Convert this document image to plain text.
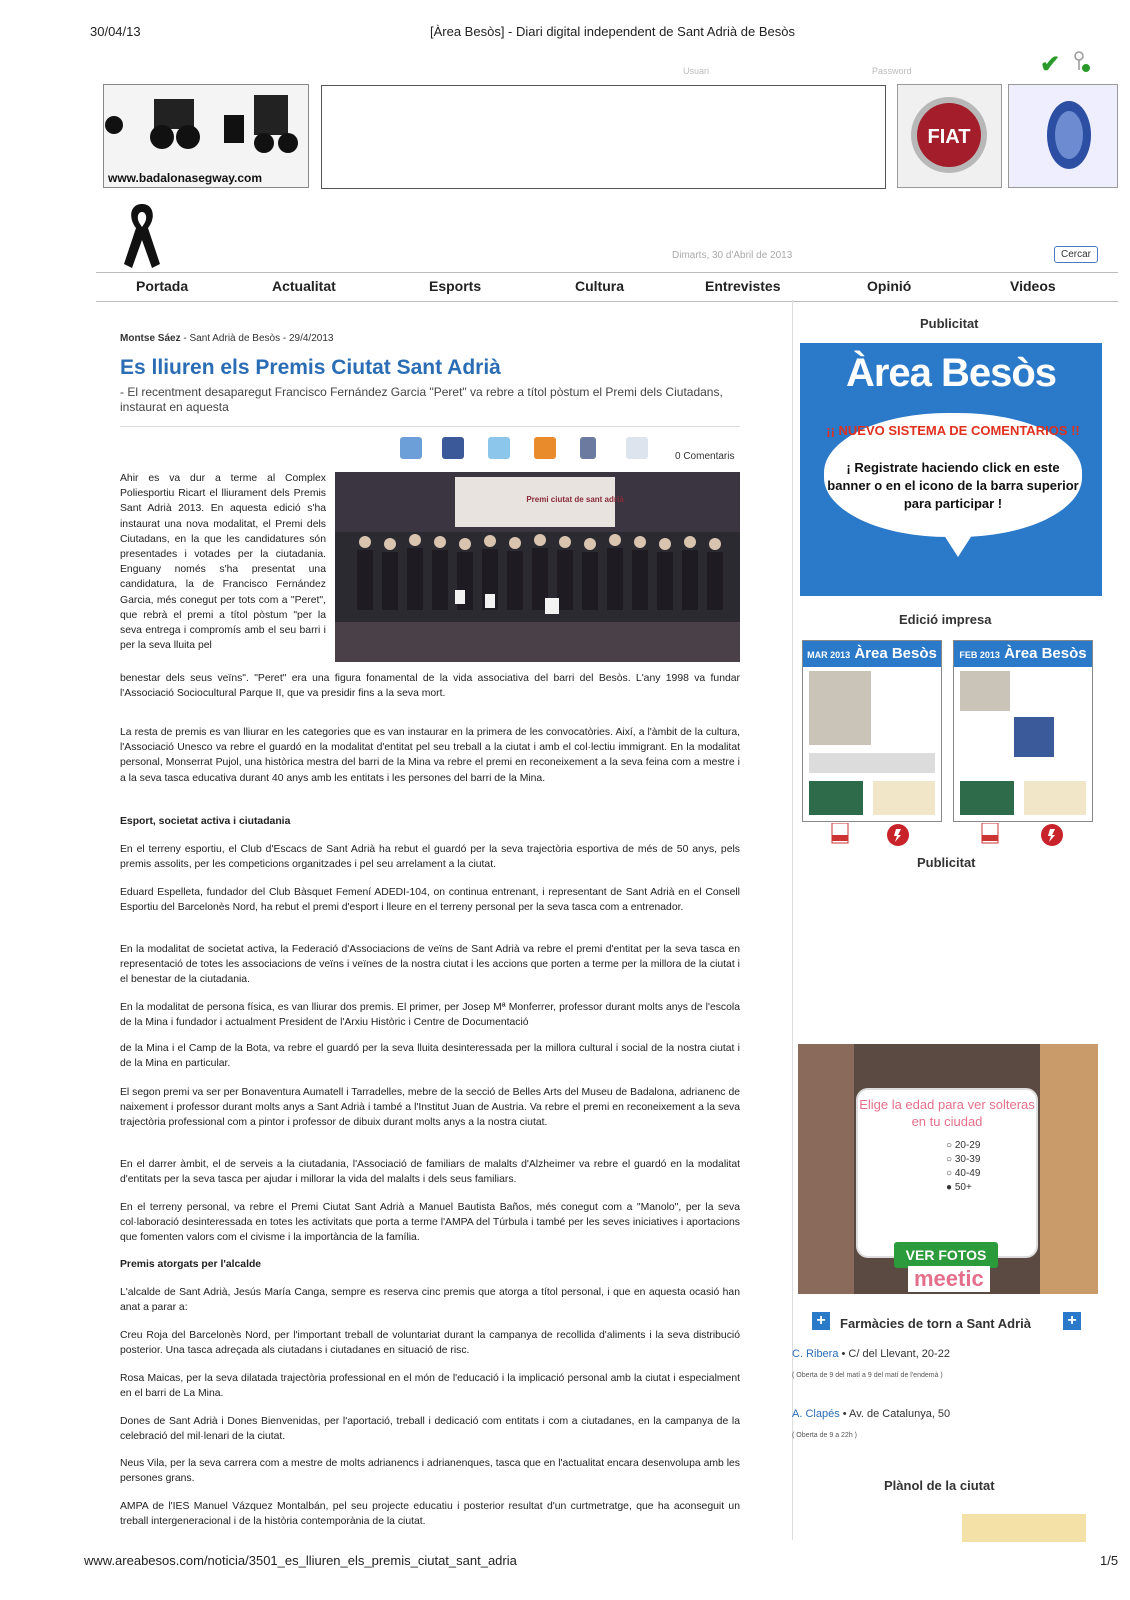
30/04/13	[Àrea Besòs] - Diari digital independent de Sant Adrià de Besòs
www.areabesos.com/noticia/3501_es_lliuren_els_premis_ciutat_sant_adria	1/5
Usuari	Password	✔
www.badalonasegway.com
FIAT
Dimarts, 30 d'Abril de 2013	Cercar
Portada	Actualitat	Esports	Cultura	Entrevistes	Opinió	Videos
Montse Sáez - Sant Adrià de Besòs - 29/4/2013
Es lliuren els Premis Ciutat Sant Adrià
- El recentment desaparegut Francisco Fernández Garcia "Peret" va rebre a títol pòstum el Premi dels Ciutadans, instaurat en aquesta
0 Comentaris
Premi ciutat de sant adrià
Ahir es va dur a terme al Complex Poliesportiu Ricart el lliurament dels Premis Sant Adrià 2013. En aquesta edició s'ha instaurat una nova modalitat, el Premi dels Ciutadans, en la que les candidatures són presentades i votades per la ciutadania. Enguany només s'ha presentat una candidatura, la de Francisco Fernández Garcia, més conegut per tots com a "Peret", que rebrà el premi a títol pòstum "per la seva entrega i compromís amb el seu barri i per la seva lluita pel
benestar dels seus veïns". "Peret" era una figura fonamental de la vida associativa del barri del Besòs. L'any 1998 va fundar l'Associació Sociocultural Parque II, que va presidir fins a la seva mort.
La resta de premis es van lliurar en les categories que es van instaurar en la primera de les convocatòries. Així, a l'àmbit de la cultura, l'Associació Unesco va rebre el guardó en la modalitat d'entitat pel seu treball a la ciutat i amb el col·lectiu immigrant. En la modalitat personal, Monserrat Pujol, una històrica mestra del barri de la Mina va rebre el premi en reconeixement a la seva feina com a mestre i a la seva tasca educativa durant 40 anys amb les entitats i les persones del barri de la Mina.
Esport, societat activa i ciutadania
En el terreny esportiu, el Club d'Escacs de Sant Adrià ha rebut el guardó per la seva trajectòria esportiva de més de 50 anys, pels premis assolits, per les competicions organitzades i pel seu arrelament a la ciutat.
Eduard Espelleta, fundador del Club Bàsquet Femení ADEDI-104, on continua entrenant, i representant de Sant Adrià en el Consell Esportiu del Barcelonès Nord, ha rebut el premi d'esport i lleure en el terreny personal per la seva tasca com a entrenador.
En la modalitat de societat activa, la Federació d'Associacions de veïns de Sant Adrià va rebre el premi d'entitat per la seva tasca en representació de totes les associacions de veïns i veïnes de la nostra ciutat i les accions que porten a terme per la millora de la ciutat i el benestar de la ciutadania.
En la modalitat de persona física, es van lliurar dos premis. El primer, per Josep Mª Monferrer, professor durant molts anys de l'escola de la Mina i fundador i actualment President de l'Arxiu Històric i Centre de Documentació
de la Mina i el Camp de la Bota, va rebre el guardó per la seva lluita desinteressada per la millora cultural i social de la nostra ciutat i de la Mina en particular.
El segon premi va ser per Bonaventura Aumatell i Tarradelles, mebre de la secció de Belles Arts del Museu de Badalona, adrianenc de naixement i professor durant molts anys a Sant Adrià i també a l'Institut Juan de Austria. Va rebre el premi en reconeixement a la seva trajectòria professional com a pintor i professor de dibuix durant molts anys a la nostra ciutat.
En el darrer àmbit, el de serveis a la ciutadania, l'Associació de familiars de malalts d'Alzheimer va rebre el guardó en la modalitat d'entitats per la seva tasca per ajudar i millorar la vida del malalts i dels seus familiars.
En el terreny personal, va rebre el Premi Ciutat Sant Adrià a Manuel Bautista Baños, més conegut com a "Manolo", per la seva col·laboració desinteressada en totes les activitats que porta a terme l'AMPA del Túrbula i també per les seves iniciatives i aportacions que fomenten valors com el civisme i la importància de la família.
Premis atorgats per l'alcalde
L'alcalde de Sant Adrià, Jesús María Canga, sempre es reserva cinc premis que atorga a títol personal, i que en aquesta ocasió han anat a parar a:
Creu Roja del Barcelonès Nord, per l'important treball de voluntariat durant la campanya de recollida d'aliments i la seva distribució posterior. Una tasca adreçada als ciutadans i ciutadanes en situació de risc.
Rosa Maicas, per la seva dilatada trajectòria professional en el món de l'educació i la implicació personal amb la ciutat i especialment en el barri de La Mina.
Dones de Sant Adrià i Dones Bienvenidas, per l'aportació, treball i dedicació com entitats i com a ciutadanes, en la campanya de la celebració del mil·lenari de la ciutat.
Neus Vila, per la seva carrera com a mestre de molts adrianencs i adrianenques, tasca que en l'actualitat encara desenvolupa amb les persones grans.
AMPA de l'IES Manuel Vázquez Montalbán, pel seu projecte educatiu i posterior resultat d'un curtmetratge, que ha aconseguit un treball intergeneracional i de la història contemporània de la ciutat.
Publicitat
Àrea Besòs
¡¡ NUEVO SISTEMA DE COMENTARIOS !!
¡ Registrate haciendo click en este banner o en el icono de la barra superior para participar !
Edició impresa
MAR 2013 Àrea Besòs	FEB 2013 Àrea Besòs
Publicitat
Elige la edad para ver solteras en tu ciudad
○ 20-29
○ 30-39
○ 40-49
● 50+
VER FOTOS
meetic
+	Farmàcies de torn a Sant Adrià +
C. Ribera • C/ del Llevant, 20-22
( Oberta de 9 del matí a 9 del matí de l'endemà )
A. Clapés • Av. de Catalunya, 50
( Oberta de 9 a 22h )
Plànol de la ciutat
